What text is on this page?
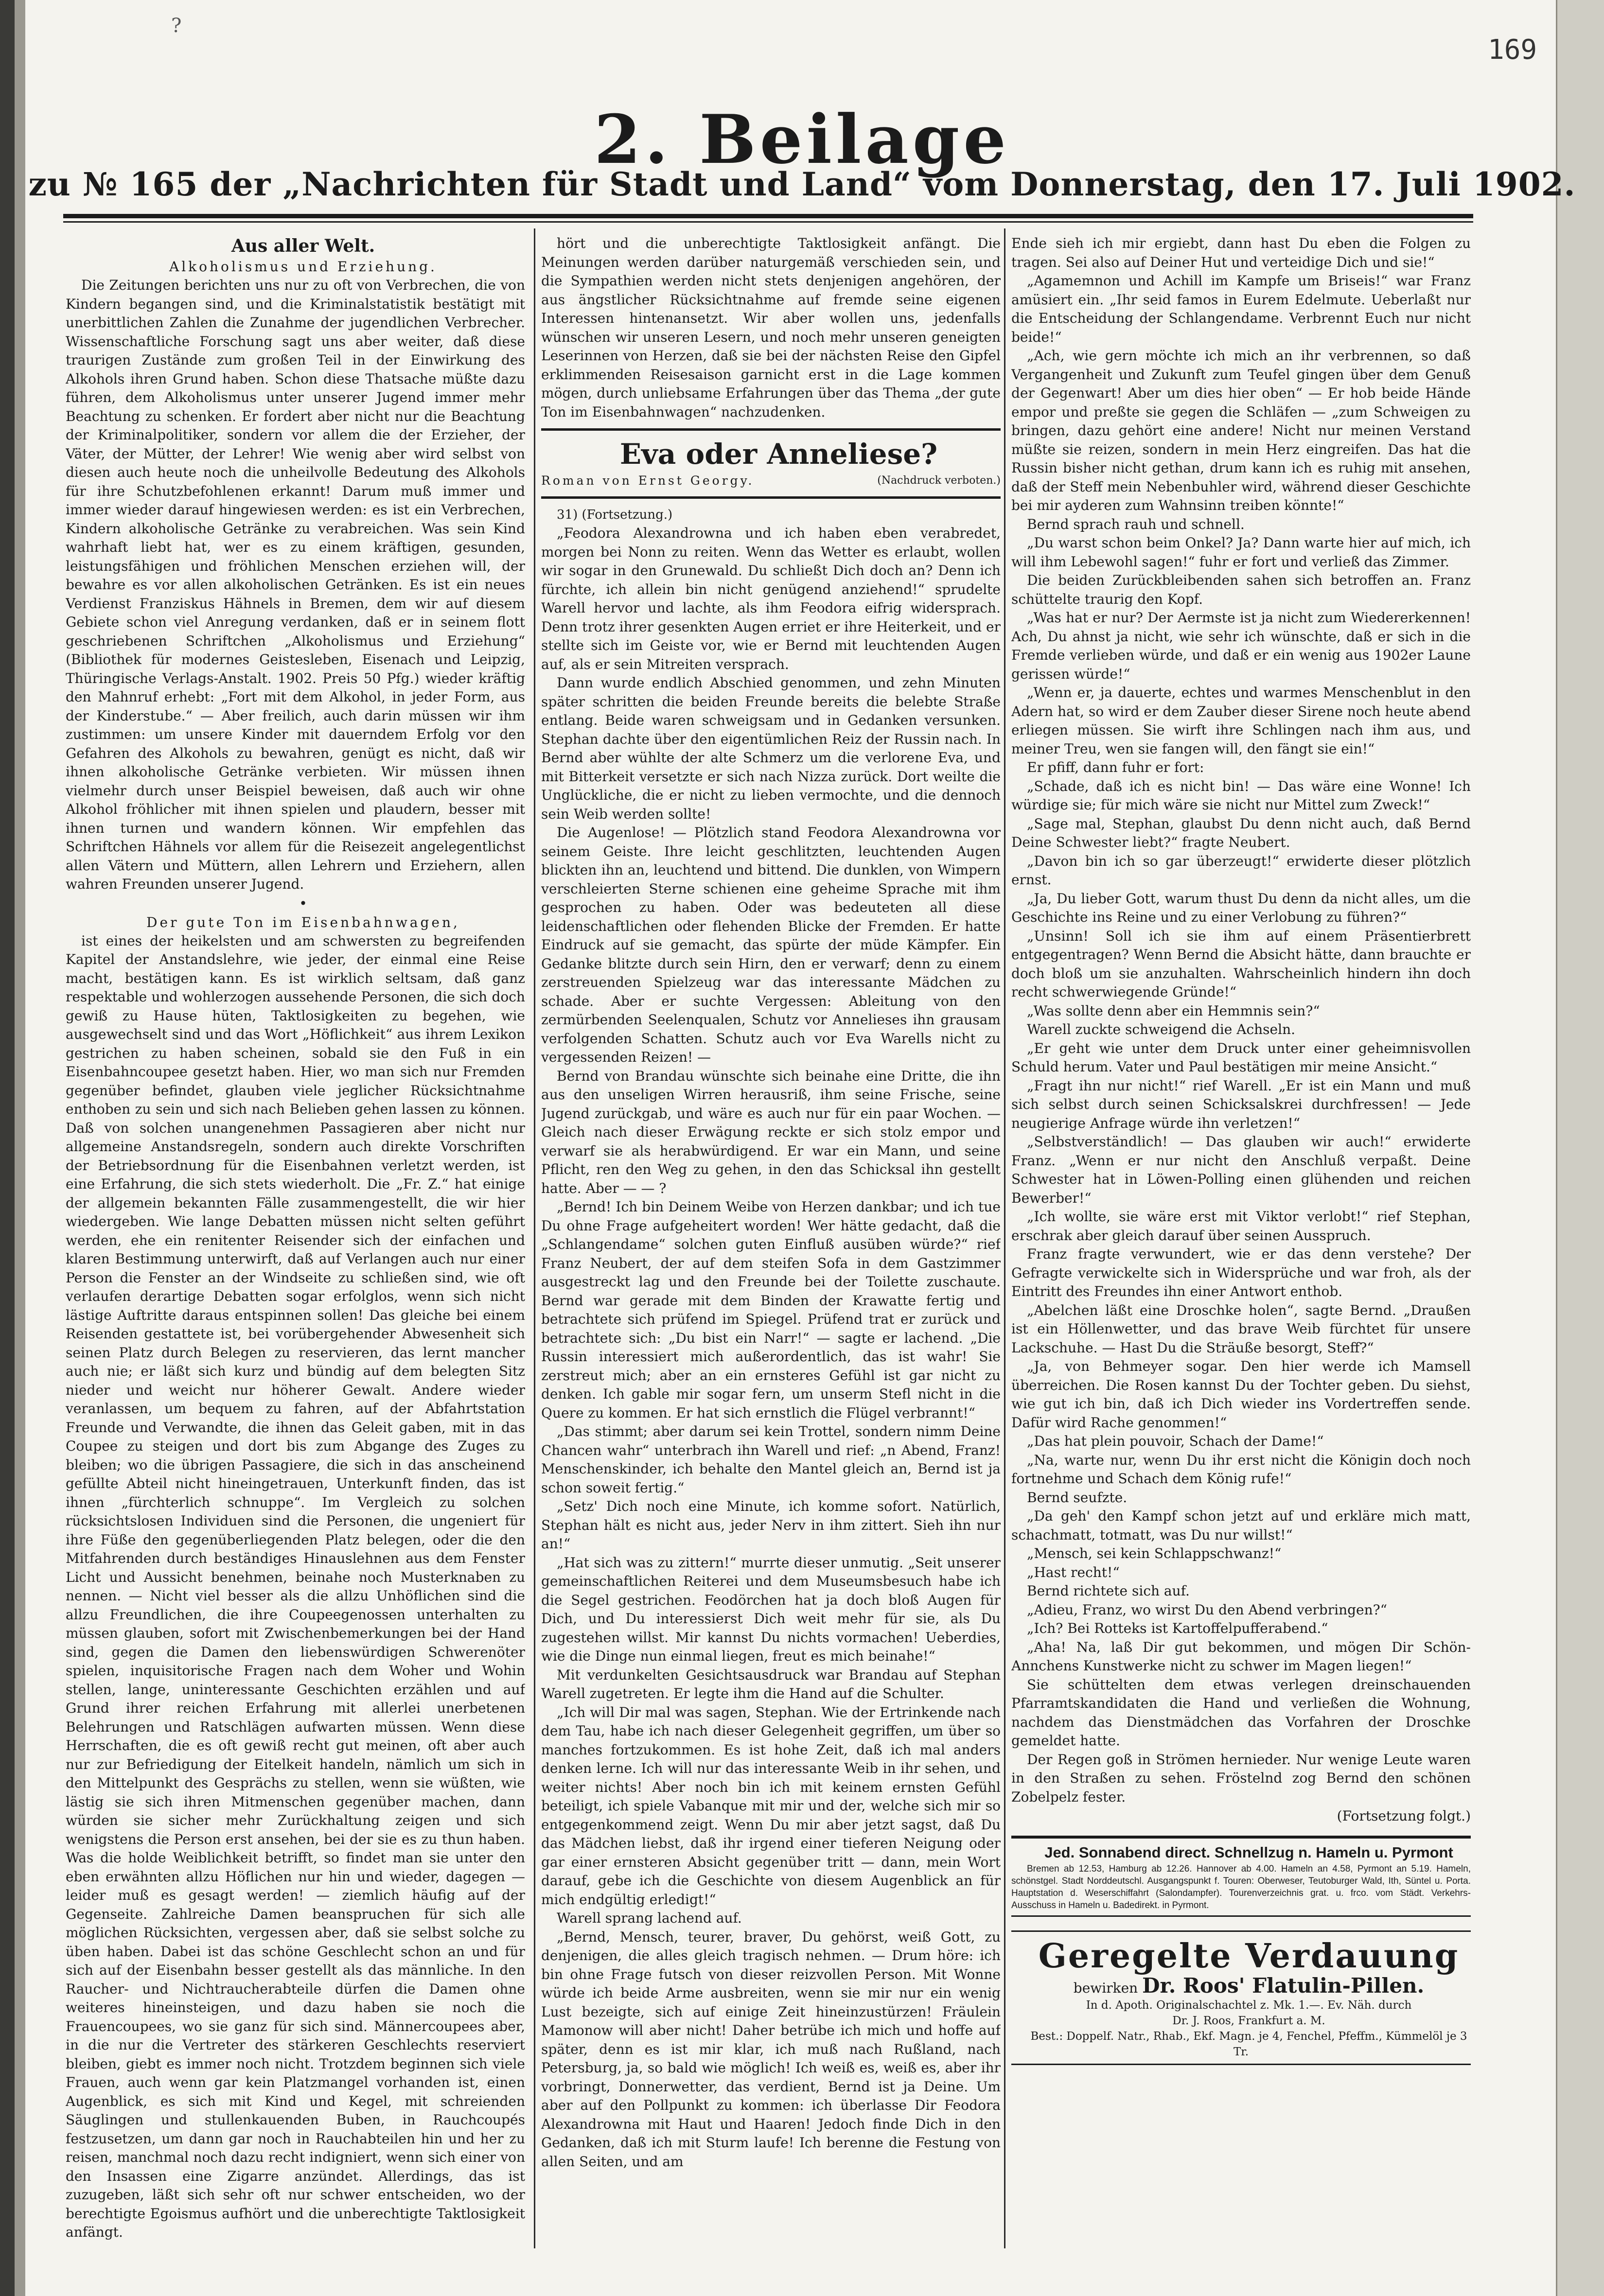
?
169
2. Beilage
zu № 165 der „Nachrichten für Stadt und Land“ vom Donnerstag, den 17. Juli 1902.

Aus aller Welt.

Alkoholismus und Erziehung.

Die Zeitungen berichten uns nur zu oft von Verbrechen, die von Kindern begangen sind, und die Kriminalstatistik bestätigt mit unerbittlichen Zahlen die Zunahme der jugendlichen Verbrecher. Wissenschaftliche Forschung sagt uns aber weiter, daß diese traurigen Zustände zum großen Teil in der Einwirkung des Alkohols ihren Grund haben. Schon diese Thatsache müßte dazu führen, dem Alkoholismus unter unserer Jugend immer mehr Beachtung zu schenken. Er fordert aber nicht nur die Beachtung der Kriminalpolitiker, sondern vor allem die der Erzieher, der Väter, der Mütter, der Lehrer! Wie wenig aber wird selbst von diesen auch heute noch die unheilvolle Bedeutung des Alkohols für ihre Schutzbefohlenen erkannt! Darum muß immer und immer wieder darauf hingewiesen werden: es ist ein Verbrechen, Kindern alkoholische Getränke zu verabreichen. Was sein Kind wahrhaft liebt hat, wer es zu einem kräftigen, gesunden, leistungsfähigen und fröhlichen Menschen erziehen will, der bewahre es vor allen alkoholischen Getränken. Es ist ein neues Verdienst Franziskus Hähnels in Bremen, dem wir auf diesem Gebiete schon viel Anregung verdanken, daß er in seinem flott geschriebenen Schriftchen „Alkoholismus und Erziehung“ (Bibliothek für modernes Geistesleben, Eisenach und Leipzig, Thüringische Verlags-Anstalt. 1902. Preis 50 Pfg.) wieder kräftig den Mahnruf erhebt: „Fort mit dem Alkohol, in jeder Form, aus der Kinderstube.“ — Aber freilich, auch darin müssen wir ihm zustimmen: um unsere Kinder mit dauerndem Erfolg vor den Gefahren des Alkohols zu bewahren, genügt es nicht, daß wir ihnen alkoholische Getränke verbieten. Wir müssen ihnen vielmehr durch unser Beispiel beweisen, daß auch wir ohne Alkohol fröhlicher mit ihnen spielen und plaudern, besser mit ihnen turnen und wandern können. Wir empfehlen das Schriftchen Hähnels vor allem für die Reisezeit angelegentlichst allen Vätern und Müttern, allen Lehrern und Erziehern, allen wahren Freunden unserer Jugend.

•

Der gute Ton im Eisenbahnwagen,

ist eines der heikelsten und am schwersten zu begreifenden Kapitel der Anstandslehre, wie jeder, der einmal eine Reise macht, bestätigen kann. Es ist wirklich seltsam, daß ganz respektable und wohlerzogen aussehende Personen, die sich doch gewiß zu Hause hüten, Taktlosigkeiten zu begehen, wie ausgewechselt sind und das Wort „Höflichkeit“ aus ihrem Lexikon gestrichen zu haben scheinen, sobald sie den Fuß in ein Eisenbahncoupee gesetzt haben. Hier, wo man sich nur Fremden gegenüber befindet, glauben viele jeglicher Rücksichtnahme enthoben zu sein und sich nach Belieben gehen lassen zu können. Daß von solchen unangenehmen Passagieren aber nicht nur allgemeine Anstandsregeln, sondern auch direkte Vorschriften der Betriebsordnung für die Eisenbahnen verletzt werden, ist eine Erfahrung, die sich stets wiederholt. Die „Fr. Z.“ hat einige der allgemein bekannten Fälle zusammengestellt, die wir hier wiedergeben. Wie lange Debatten müssen nicht selten geführt werden, ehe ein renitenter Reisender sich der einfachen und klaren Bestimmung unterwirft, daß auf Verlangen auch nur einer Person die Fenster an der Windseite zu schließen sind, wie oft verlaufen derartige Debatten sogar erfolglos, wenn sich nicht lästige Auftritte daraus entspinnen sollen! Das gleiche bei einem Reisenden gestattete ist, bei vorübergehender Abwesenheit sich seinen Platz durch Belegen zu reservieren, das lernt mancher auch nie; er läßt sich kurz und bündig auf dem belegten Sitz nieder und weicht nur höherer Gewalt. Andere wieder veranlassen, um bequem zu fahren, auf der Abfahrtstation Freunde und Verwandte, die ihnen das Geleit gaben, mit in das Coupee zu steigen und dort bis zum Abgange des Zuges zu bleiben; wo die übrigen Passagiere, die sich in das anscheinend gefüllte Abteil nicht hineingetrauen, Unterkunft finden, das ist ihnen „fürchterlich schnuppe“. Im Vergleich zu solchen rücksichtslosen Individuen sind die Personen, die ungeniert für ihre Füße den gegenüberliegenden Platz belegen, oder die den Mitfahrenden durch beständiges Hinauslehnen aus dem Fenster Licht und Aussicht benehmen, beinahe noch Musterknaben zu nennen. — Nicht viel besser als die allzu Unhöflichen sind die allzu Freundlichen, die ihre Coupeegenossen unterhalten zu müssen glauben, sofort mit Zwischenbemerkungen bei der Hand sind, gegen die Damen den liebenswürdigen Schwerenöter spielen, inquisitorische Fragen nach dem Woher und Wohin stellen, lange, uninteressante Geschichten erzählen und auf Grund ihrer reichen Erfahrung mit allerlei unerbetenen Belehrungen und Ratschlägen aufwarten müssen. Wenn diese Herrschaften, die es oft gewiß recht gut meinen, oft aber auch nur zur Befriedigung der Eitelkeit handeln, nämlich um sich in den Mittelpunkt des Gesprächs zu stellen, wenn sie wüßten, wie lästig sie sich ihren Mitmenschen gegenüber machen, dann würden sie sicher mehr Zurückhaltung zeigen und sich wenigstens die Person erst ansehen, bei der sie es zu thun haben. Was die holde Weiblichkeit betrifft, so findet man sie unter den eben erwähnten allzu Höflichen nur hin und wieder, dagegen — leider muß es gesagt werden! — ziemlich häufig auf der Gegenseite. Zahlreiche Damen beanspruchen für sich alle möglichen Rücksichten, vergessen aber, daß sie selbst solche zu üben haben. Dabei ist das schöne Geschlecht schon an und für sich auf der Eisenbahn besser gestellt als das männliche. In den Raucher- und Nichtraucherabteile dürfen die Damen ohne weiteres hineinsteigen, und dazu haben sie noch die Frauencoupees, wo sie ganz für sich sind. Männercoupees aber, in die nur die Vertreter des stärkeren Geschlechts reserviert bleiben, giebt es immer noch nicht. Trotzdem beginnen sich viele Frauen, auch wenn gar kein Platzmangel vorhanden ist, einen Augenblick, es sich mit Kind und Kegel, mit schreienden Säuglingen und stullenkauenden Buben, in Rauchcoupés festzusetzen, um dann gar noch in Rauchabteilen hin und her zu reisen, manchmal noch dazu recht indigniert, wenn sich einer von den Insassen eine Zigarre anzündet. Allerdings, das ist zuzugeben, läßt sich sehr oft nur schwer entscheiden, wo der berechtigte Egoismus aufhört und die unberechtigte Taktlosigkeit anfängt.

hört und die unberechtigte Taktlosigkeit anfängt. Die Meinungen werden darüber naturgemäß verschieden sein, und die Sympathien werden nicht stets denjenigen angehören, der aus ängstlicher Rücksichtnahme auf fremde seine eigenen Interessen hintenansetzt. Wir aber wollen uns, jedenfalls wünschen wir unseren Lesern, und noch mehr unseren geneigten Leserinnen von Herzen, daß sie bei der nächsten Reise den Gipfel erklimmenden Reisesaison garnicht erst in die Lage kommen mögen, durch unliebsame Erfahrungen über das Thema „der gute Ton im Eisenbahnwagen“ nachzudenken.

Eva oder Anneliese?

Roman von Ernst Georgy.	(Nachdruck verboten.)

31) (Fortsetzung.)

„Feodora Alexandrowna und ich haben eben verabredet, morgen bei Nonn zu reiten. Wenn das Wetter es erlaubt, wollen wir sogar in den Grunewald. Du schließt Dich doch an? Denn ich fürchte, ich allein bin nicht genügend anziehend!“ sprudelte Warell hervor und lachte, als ihm Feodora eifrig widersprach. Denn trotz ihrer gesenkten Augen erriet er ihre Heiterkeit, und er stellte sich im Geiste vor, wie er Bernd mit leuchtenden Augen auf, als er sein Mitreiten versprach.

Dann wurde endlich Abschied genommen, und zehn Minuten später schritten die beiden Freunde bereits die belebte Straße entlang. Beide waren schweigsam und in Gedanken versunken. Stephan dachte über den eigentümlichen Reiz der Russin nach. In Bernd aber wühlte der alte Schmerz um die verlorene Eva, und mit Bitterkeit versetzte er sich nach Nizza zurück. Dort weilte die Unglückliche, die er nicht zu lieben vermochte, und die dennoch sein Weib werden sollte!

Die Augenlose! — Plötzlich stand Feodora Alexandrowna vor seinem Geiste. Ihre leicht geschlitzten, leuchtenden Augen blickten ihn an, leuchtend und bittend. Die dunklen, von Wimpern verschleierten Sterne schienen eine geheime Sprache mit ihm gesprochen zu haben. Oder was bedeuteten all diese leidenschaftlichen oder flehenden Blicke der Fremden. Er hatte Eindruck auf sie gemacht, das spürte der müde Kämpfer. Ein Gedanke blitzte durch sein Hirn, den er verwarf; denn zu einem zerstreuenden Spielzeug war das interessante Mädchen zu schade. Aber er suchte Vergessen: Ableitung von den zermürbenden Seelenqualen, Schutz vor Annelieses ihn grausam verfolgenden Schatten. Schutz auch vor Eva Warells nicht zu vergessenden Reizen! —

Bernd von Brandau wünschte sich beinahe eine Dritte, die ihn aus den unseligen Wirren herausriß, ihm seine Frische, seine Jugend zurückgab, und wäre es auch nur für ein paar Wochen. — Gleich nach dieser Erwägung reckte er sich stolz empor und verwarf sie als herabwürdigend. Er war ein Mann, und seine Pflicht, ren den Weg zu gehen, in den das Schicksal ihn gestellt hatte. Aber — — ?

„Bernd! Ich bin Deinem Weibe von Herzen dankbar; und ich tue Du ohne Frage aufgeheitert worden! Wer hätte gedacht, daß die „Schlangendame“ solchen guten Einfluß ausüben würde?“ rief Franz Neubert, der auf dem steifen Sofa in dem Gastzimmer ausgestreckt lag und den Freunde bei der Toilette zuschaute. Bernd war gerade mit dem Binden der Krawatte fertig und betrachtete sich prüfend im Spiegel. Prüfend trat er zurück und betrachtete sich: „Du bist ein Narr!“ — sagte er lachend. „Die Russin interessiert mich außerordentlich, das ist wahr! Sie zerstreut mich; aber an ein ernsteres Gefühl ist gar nicht zu denken. Ich gable mir sogar fern, um unserm Stefl nicht in die Quere zu kommen. Er hat sich ernstlich die Flügel verbrannt!“

„Das stimmt; aber darum sei kein Trottel, sondern nimm Deine Chancen wahr“ unterbrach ihn Warell und rief: „n Abend, Franz! Menschenskinder, ich behalte den Mantel gleich an, Bernd ist ja schon soweit fertig.“

„Setz' Dich noch eine Minute, ich komme sofort. Natürlich, Stephan hält es nicht aus, jeder Nerv in ihm zittert. Sieh ihn nur an!“

„Hat sich was zu zittern!“ murrte dieser unmutig. „Seit unserer gemeinschaftlichen Reiterei und dem Museumsbesuch habe ich die Segel gestrichen. Feodörchen hat ja doch bloß Augen für Dich, und Du interessierst Dich weit mehr für sie, als Du zugestehen willst. Mir kannst Du nichts vormachen! Ueberdies, wie die Dinge nun einmal liegen, freut es mich beinahe!“

Mit verdunkelten Gesichtsausdruck war Brandau auf Stephan Warell zugetreten. Er legte ihm die Hand auf die Schulter.

„Ich will Dir mal was sagen, Stephan. Wie der Ertrinkende nach dem Tau, habe ich nach dieser Gelegenheit gegriffen, um über so manches fortzukommen. Es ist hohe Zeit, daß ich mal anders denken lerne. Ich will nur das interessante Weib in ihr sehen, und weiter nichts! Aber noch bin ich mit keinem ernsten Gefühl beteiligt, ich spiele Vabanque mit mir und der, welche sich mir so entgegenkommend zeigt. Wenn Du mir aber jetzt sagst, daß Du das Mädchen liebst, daß ihr irgend einer tieferen Neigung oder gar einer ernsteren Absicht gegenüber tritt — dann, mein Wort darauf, gebe ich die Geschichte von diesem Augenblick an für mich endgültig erledigt!“

Warell sprang lachend auf.

„Bernd, Mensch, teurer, braver, Du gehörst, weiß Gott, zu denjenigen, die alles gleich tragisch nehmen. — Drum höre: ich bin ohne Frage futsch von dieser reizvollen Person. Mit Wonne würde ich beide Arme ausbreiten, wenn sie mir nur ein wenig Lust bezeigte, sich auf einige Zeit hineinzustürzen! Fräulein Mamonow will aber nicht! Daher betrübe ich mich und hoffe auf später, denn es ist mir klar, ich muß nach Rußland, nach Petersburg, ja, so bald wie möglich! Ich weiß es, weiß es, aber ihr vorbringt, Donnerwetter, das verdient, Bernd ist ja Deine. Um aber auf den Pollpunkt zu kommen: ich überlasse Dir Feodora Alexandrowna mit Haut und Haaren! Jedoch finde Dich in den Gedanken, daß ich mit Sturm laufe! Ich berenne die Festung von allen Seiten, und am

Ende sieh ich mir ergiebt, dann hast Du eben die Folgen zu tragen. Sei also auf Deiner Hut und verteidige Dich und sie!“

„Agamemnon und Achill im Kampfe um Briseis!“ war Franz amüsiert ein. „Ihr seid famos in Eurem Edelmute. Ueberlaßt nur die Entscheidung der Schlangendame. Verbrennt Euch nur nicht beide!“

„Ach, wie gern möchte ich mich an ihr verbrennen, so daß Vergangenheit und Zukunft zum Teufel gingen über dem Genuß der Gegenwart! Aber um dies hier oben“ — Er hob beide Hände empor und preßte sie gegen die Schläfen — „zum Schweigen zu bringen, dazu gehört eine andere! Nicht nur meinen Verstand müßte sie reizen, sondern in mein Herz eingreifen. Das hat die Russin bisher nicht gethan, drum kann ich es ruhig mit ansehen, daß der Steff mein Nebenbuhler wird, während dieser Geschichte bei mir ayderen zum Wahnsinn treiben könnte!“

Bernd sprach rauh und schnell.

„Du warst schon beim Onkel? Ja? Dann warte hier auf mich, ich will ihm Lebewohl sagen!“ fuhr er fort und verließ das Zimmer.

Die beiden Zurückbleibenden sahen sich betroffen an. Franz schüttelte traurig den Kopf.

„Was hat er nur? Der Aermste ist ja nicht zum Wiedererkennen! Ach, Du ahnst ja nicht, wie sehr ich wünschte, daß er sich in die Fremde verlieben würde, und daß er ein wenig aus 1902er Laune gerissen würde!“

„Wenn er, ja dauerte, echtes und warmes Menschenblut in den Adern hat, so wird er dem Zauber dieser Sirene noch heute abend erliegen müssen. Sie wirft ihre Schlingen nach ihm aus, und meiner Treu, wen sie fangen will, den fängt sie ein!“

Er pfiff, dann fuhr er fort:

„Schade, daß ich es nicht bin! — Das wäre eine Wonne! Ich würdige sie; für mich wäre sie nicht nur Mittel zum Zweck!“

„Sage mal, Stephan, glaubst Du denn nicht auch, daß Bernd Deine Schwester liebt?“ fragte Neubert.

„Davon bin ich so gar überzeugt!“ erwiderte dieser plötzlich ernst.

„Ja, Du lieber Gott, warum thust Du denn da nicht alles, um die Geschichte ins Reine und zu einer Verlobung zu führen?“

„Unsinn! Soll ich sie ihm auf einem Präsentierbrett entgegentragen? Wenn Bernd die Absicht hätte, dann brauchte er doch bloß um sie anzuhalten. Wahrscheinlich hindern ihn doch recht schwerwiegende Gründe!“

„Was sollte denn aber ein Hemmnis sein?“

Warell zuckte schweigend die Achseln.

„Er geht wie unter dem Druck unter einer geheimnisvollen Schuld herum. Vater und Paul bestätigen mir meine Ansicht.“

„Fragt ihn nur nicht!“ rief Warell. „Er ist ein Mann und muß sich selbst durch seinen Schicksalskrei durchfressen! — Jede neugierige Anfrage würde ihn verletzen!“

„Selbstverständlich! — Das glauben wir auch!“ erwiderte Franz. „Wenn er nur nicht den Anschluß verpaßt. Deine Schwester hat in Löwen-Polling einen glühenden und reichen Bewerber!“

„Ich wollte, sie wäre erst mit Viktor verlobt!“ rief Stephan, erschrak aber gleich darauf über seinen Ausspruch.

Franz fragte verwundert, wie er das denn verstehe? Der Gefragte verwickelte sich in Widersprüche und war froh, als der Eintritt des Freundes ihn einer Antwort enthob.

„Abelchen läßt eine Droschke holen“, sagte Bernd. „Draußen ist ein Höllenwetter, und das brave Weib fürchtet für unsere Lackschuhe. — Hast Du die Sträuße besorgt, Steff?“

„Ja, von Behmeyer sogar. Den hier werde ich Mamsell überreichen. Die Rosen kannst Du der Tochter geben. Du siehst, wie gut ich bin, daß ich Dich wieder ins Vordertreffen sende. Dafür wird Rache genommen!“

„Das hat plein pouvoir, Schach der Dame!“

„Na, warte nur, wenn Du ihr erst nicht die Königin doch noch fortnehme und Schach dem König rufe!“

Bernd seufzte.

„Da geh' den Kampf schon jetzt auf und erkläre mich matt, schachmatt, totmatt, was Du nur willst!“

„Mensch, sei kein Schlappschwanz!“

„Hast recht!“

Bernd richtete sich auf.

„Adieu, Franz, wo wirst Du den Abend verbringen?“

„Ich? Bei Rotteks ist Kartoffelpufferabend.“

„Aha! Na, laß Dir gut bekommen, und mögen Dir Schön-Annchens Kunstwerke nicht zu schwer im Magen liegen!“

Sie schüttelten dem etwas verlegen dreinschauenden Pfarramtskandidaten die Hand und verließen die Wohnung, nachdem das Dienstmädchen das Vorfahren der Droschke gemeldet hatte.

Der Regen goß in Strömen hernieder. Nur wenige Leute waren in den Straßen zu sehen. Fröstelnd zog Bernd den schönen Zobelpelz fester.

(Fortsetzung folgt.)

Jed. Sonnabend direct. Schnellzug n. Hameln u. Pyrmont

Bremen ab 12.53, Hamburg ab 12.26. Hannover ab 4.00. Hameln an 4.58, Pyrmont an 5.19. Hameln, schönstgel. Stadt Norddeutschl. Ausgangspunkt f. Touren: Oberweser, Teutoburger Wald, Ith, Süntel u. Porta. Hauptstation d. Weserschiffahrt (Salondampfer). Tourenverzeichnis grat. u. frco. vom Städt. Verkehrs-Ausschuss in Hameln u. Badedirekt. in Pyrmont.

Geregelte Verdauung

bewirken Dr. Roos' Flatulin-Pillen.

In d. Apoth. Originalschachtel z. Mk. 1.—. Ev. Näh. durch

Dr. J. Roos, Frankfurt a. M.

Best.: Doppelf. Natr., Rhab., Ekf. Magn. je 4, Fenchel, Pfeffm., Kümmelöl je 3 Tr.
